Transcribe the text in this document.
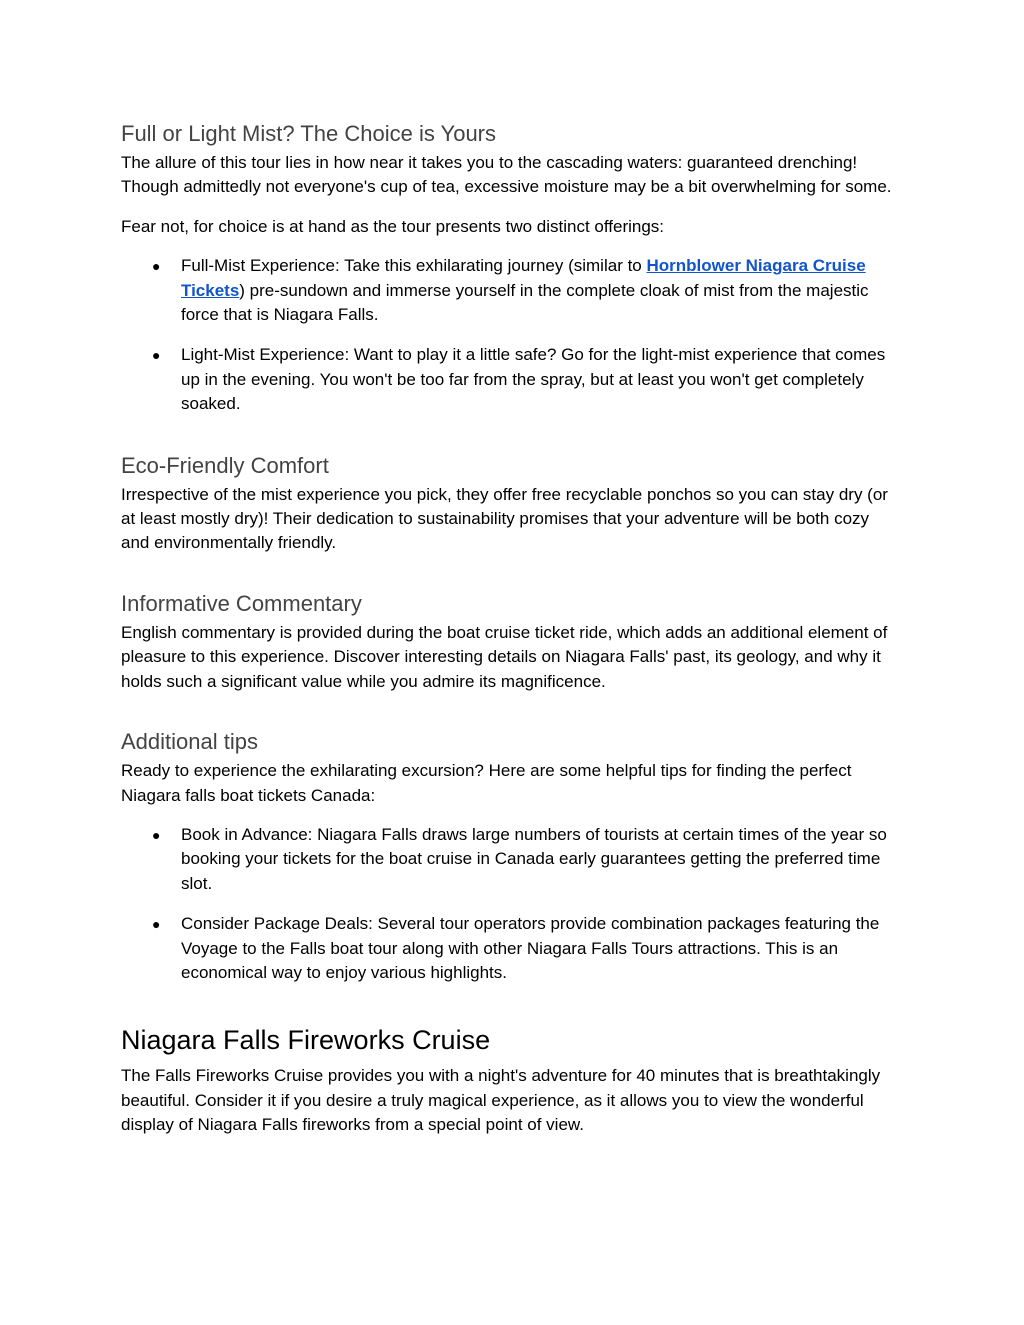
Full or Light Mist? The Choice is Yours

The allure of this tour lies in how near it takes you to the cascading waters: guaranteed drenching! Though admittedly not everyone's cup of tea, excessive moisture may be a bit overwhelming for some.

Fear not, for choice is at hand as the tour presents two distinct offerings:

● Full-Mist Experience: Take this exhilarating journey (similar to Hornblower Niagara Cruise Tickets) pre-sundown and immerse yourself in the complete cloak of mist from the majestic force that is Niagara Falls.
● Light-Mist Experience: Want to play it a little safe? Go for the light-mist experience that comes up in the evening. You won't be too far from the spray, but at least you won't get completely soaked.
Eco-Friendly Comfort

Irrespective of the mist experience you pick, they offer free recyclable ponchos so you can stay dry (or at least mostly dry)! Their dedication to sustainability promises that your adventure will be both cozy and environmentally friendly.

Informative Commentary

English commentary is provided during the boat cruise ticket ride, which adds an additional element of pleasure to this experience. Discover interesting details on Niagara Falls' past, its geology, and why it holds such a significant value while you admire its magnificence.

Additional tips

Ready to experience the exhilarating excursion? Here are some helpful tips for finding the perfect Niagara falls boat tickets Canada:

● Book in Advance: Niagara Falls draws large numbers of tourists at certain times of the year so booking your tickets for the boat cruise in Canada early guarantees getting the preferred time slot.
● Consider Package Deals: Several tour operators provide combination packages featuring the Voyage to the Falls boat tour along with other Niagara Falls Tours attractions. This is an economical way to enjoy various highlights.
Niagara Falls Fireworks Cruise

The Falls Fireworks Cruise provides you with a night's adventure for 40 minutes that is breathtakingly beautiful. Consider it if you desire a truly magical experience, as it allows you to view the wonderful display of Niagara Falls fireworks from a special point of view.
